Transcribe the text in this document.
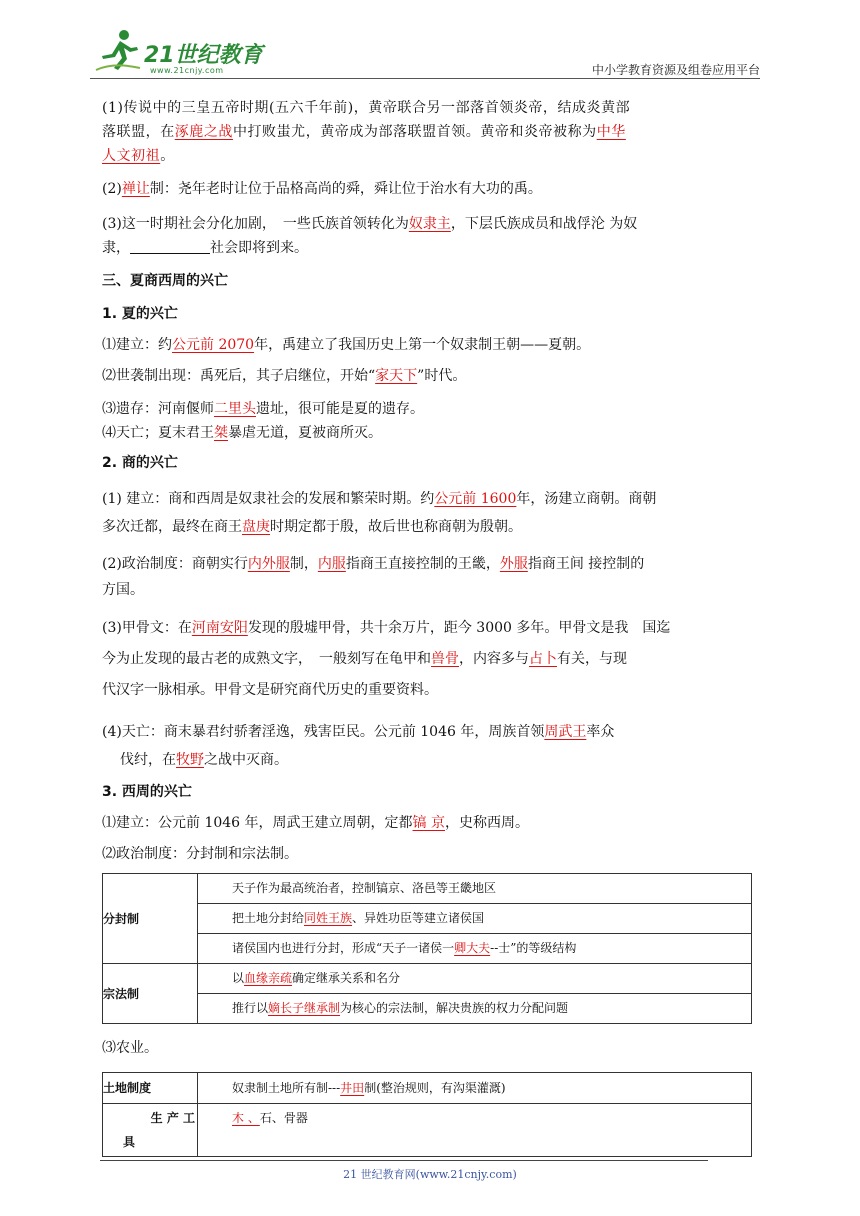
21世纪教育
www.21cnjy.com	中小学教育资源及组卷应用平台

(1)传说中的三皇五帝时期(五六千年前)，黄帝联合另一部落首领炎帝，结成炎黄部
落联盟，在涿鹿之战中打败蚩尤，黄帝成为部落联盟首领。黄帝和炎帝被称为中华
人文初祖。

(2)禅让制：尧年老时让位于品格高尚的舜，舜让位于治水有大功的禹。

(3)这一时期社会分化加剧，　一些氏族首领转化为奴隶主，下层氏族成员和战俘沦 为奴
隶，	社会即将到来。

三、夏商西周的兴亡
1. 夏的兴亡

⑴建立：约公元前 2070年，禹建立了我国历史上第一个奴隶制王朝——夏朝。

⑵世袭制出现：禹死后，其子启继位，开始“家天下”时代。

⑶遗存：河南偃师二里头遗址，很可能是夏的遗存。

⑷天亡；夏末君王桀暴虐无道，夏被商所灭。

2. 商的兴亡

(1) 建立：商和西周是奴隶社会的发展和繁荣时期。约公元前 1600年，汤建立商朝。商朝
多次迁都，最终在商王盘庚时期定都于殷，故后世也称商朝为殷朝。

(2)政治制度：商朝实行内外服制，内服指商王直接控制的王畿，外服指商王间 接控制的
方国。

(3)甲骨文：在河南安阳发现的殷墟甲骨，共十余万片，距今 3000 多年。甲骨文是我　国迄
今为止发现的最古老的成熟文字，　一般刻写在龟甲和兽骨，内容多与占卜有关，与现
代汉字一脉相承。甲骨文是研究商代历史的重要资料。

(4)天亡：商末暴君纣骄奢淫逸，残害臣民。公元前 1046 年，周族首领周武王率众
伐纣，在牧野之战中灭商。

3. 西周的兴亡

⑴建立：公元前 1046 年，周武王建立周朝，定都镐 京，史称西周。

⑵政治制度：分封制和宗法制。

分封制	天子作为最高统治者，控制镐京、洛邑等王畿地区

	把土地分封给同姓王族、异姓功臣等建立诸侯国

	诸侯国内也进行分封，形成“天子一诸侯一卿大夫--士”的等级结构

宗法制	以血缘亲疏确定继承关系和名分

	推行以嫡长子继承制为核心的宗法制，解决贵族的权力分配问题

⑶农业。

土地制度	奴隶制土地所有制---井田制(整治规则，有沟渠灌溉)

生 产 工
具	木 、石、骨器
21 世纪教育网(www.21cnjy.com)
